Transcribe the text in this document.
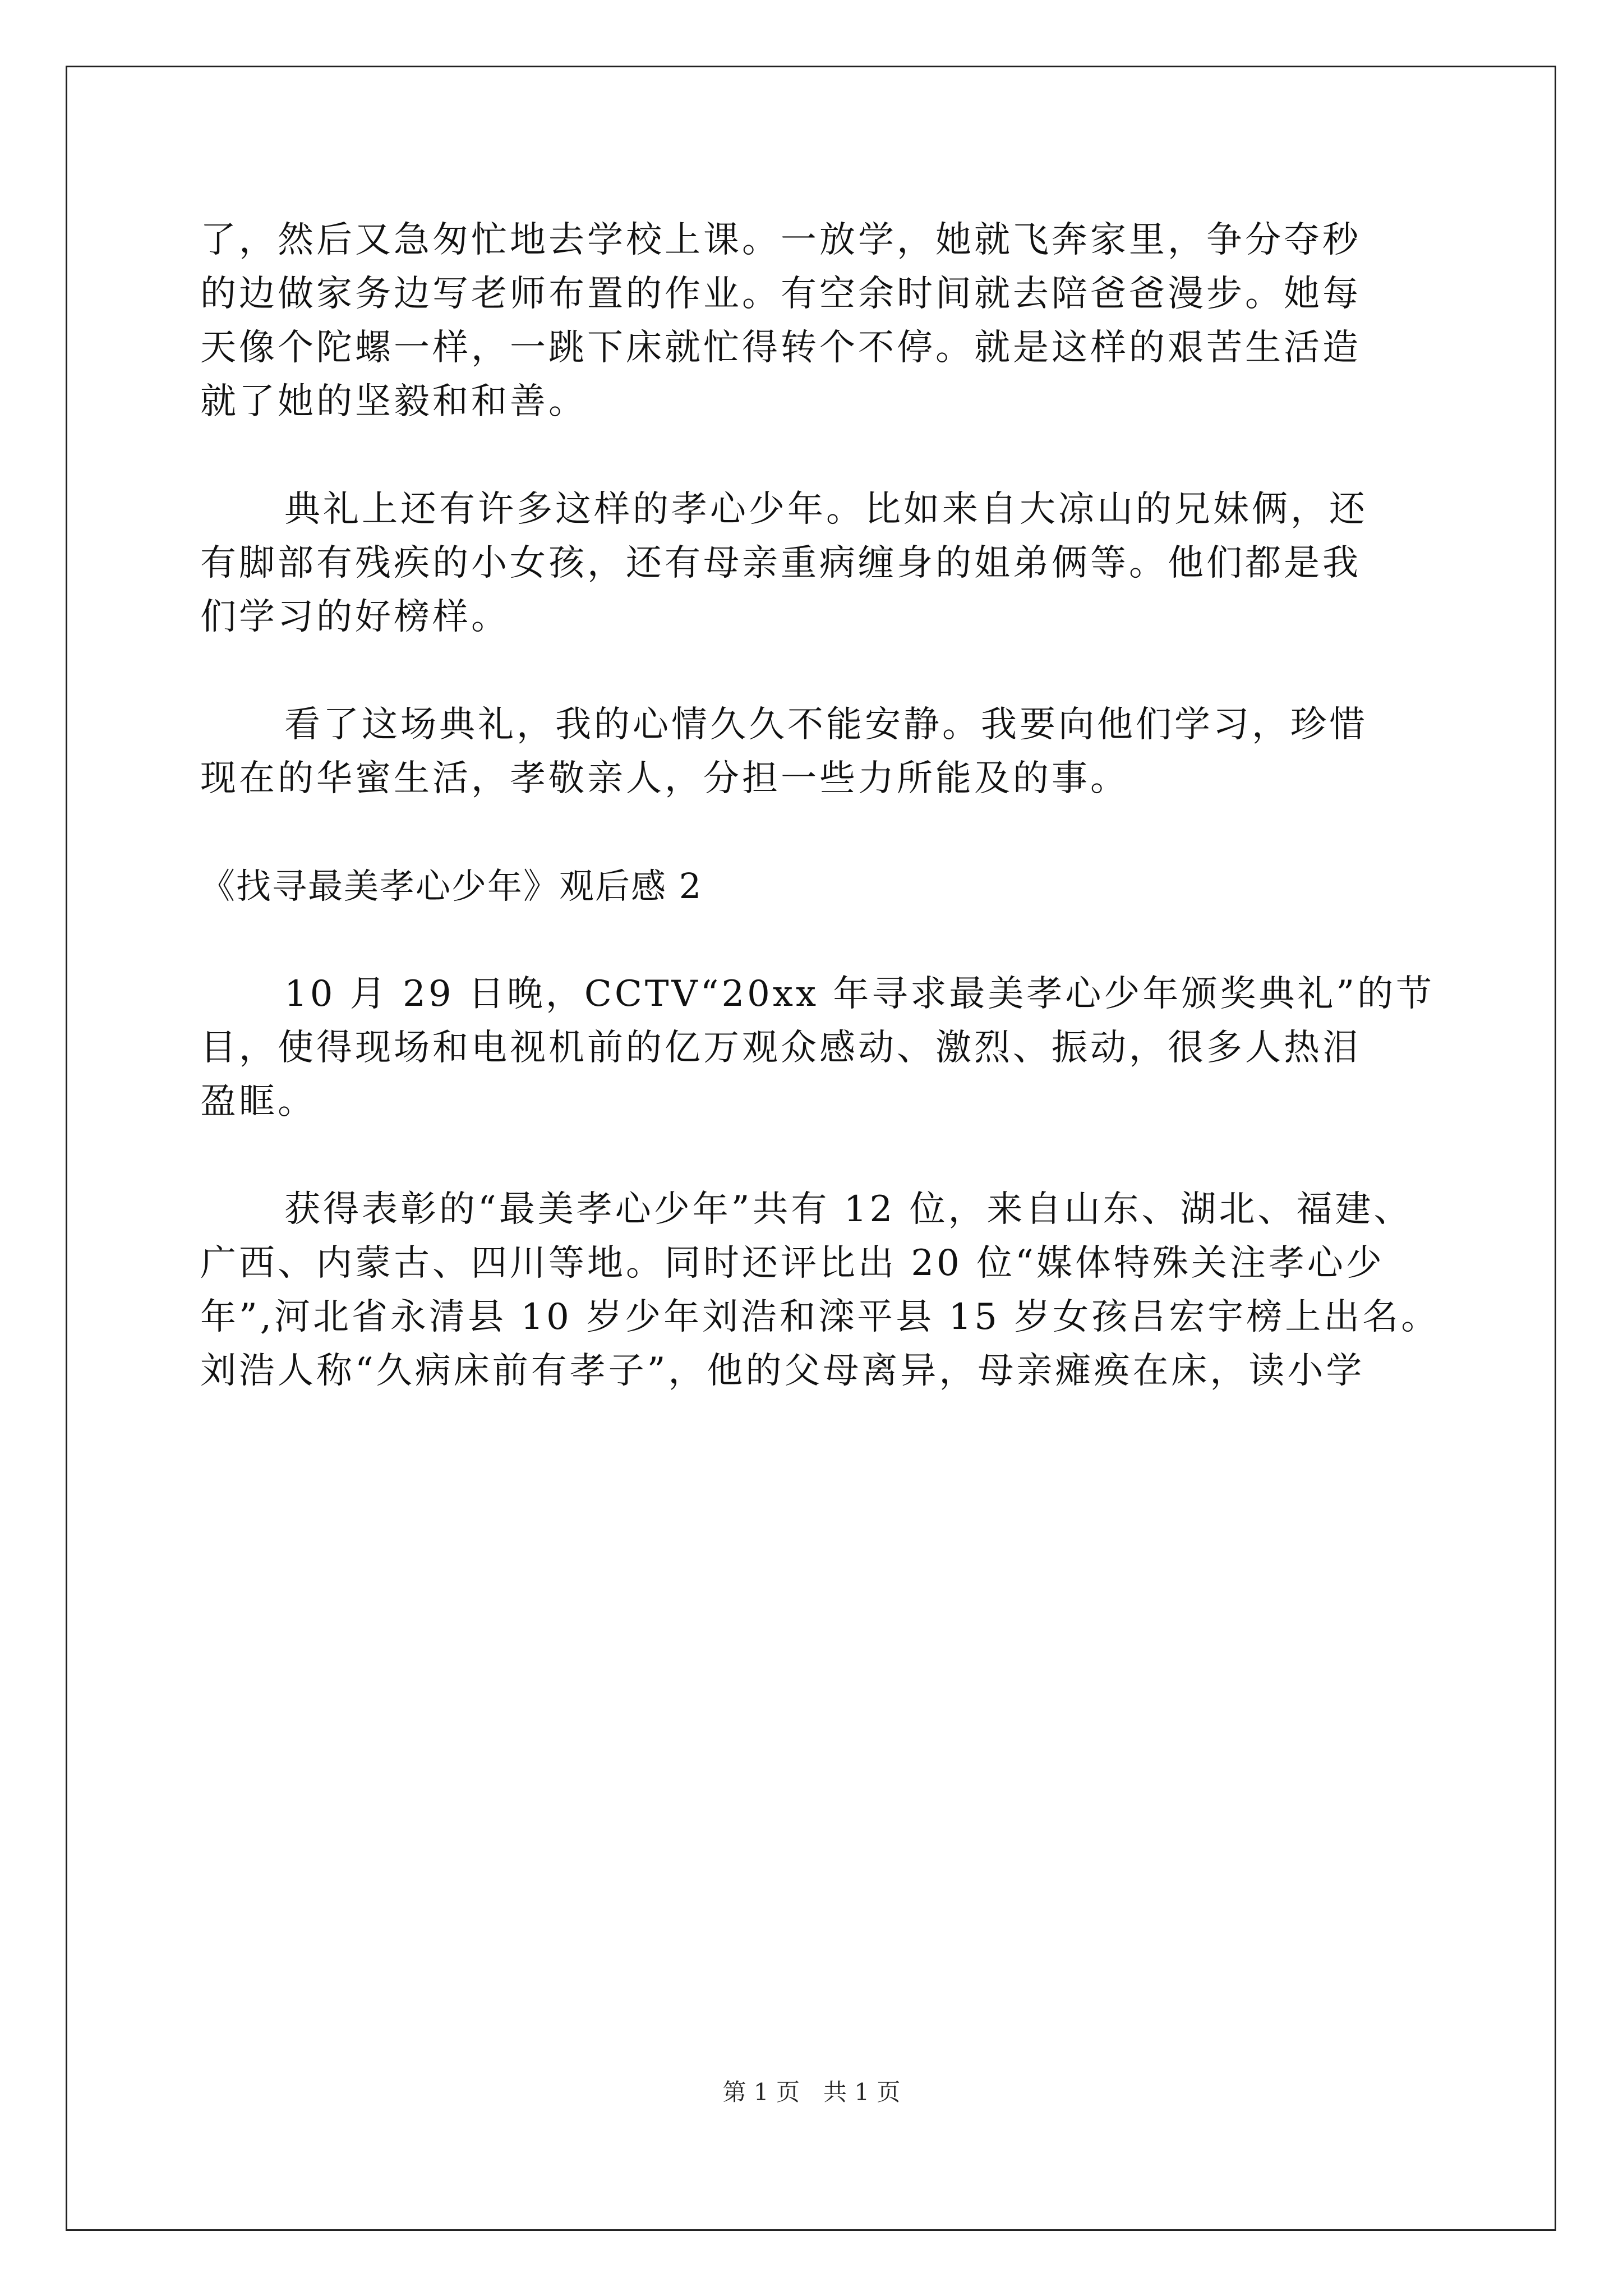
了，然后又急匆忙地去学校上课。一放学，她就飞奔家里，争分夺秒
的边做家务边写老师布置的作业。有空余时间就去陪爸爸漫步。她每
天像个陀螺一样，一跳下床就忙得转个不停。就是这样的艰苦生活造
就了她的坚毅和和善。
典礼上还有许多这样的孝心少年。比如来自大凉山的兄妹俩，还
有脚部有残疾的小女孩，还有母亲重病缠身的姐弟俩等。他们都是我
们学习的好榜样。
看了这场典礼，我的心情久久不能安静。我要向他们学习，珍惜
现在的华蜜生活，孝敬亲人，分担一些力所能及的事。
《找寻最美孝心少年》观后感 2
10 月 29 日晚，CCTV“20xx 年寻求最美孝心少年颁奖典礼”的节
目，使得现场和电视机前的亿万观众感动、激烈、振动，很多人热泪
盈眶。
获得表彰的“最美孝心少年”共有 12 位，来自山东、湖北、福建、
广西、内蒙古、四川等地。同时还评比出 20 位“媒体特殊关注孝心少
年”,河北省永清县 10 岁少年刘浩和滦平县 15 岁女孩吕宏宇榜上出名。
刘浩人称“久病床前有孝子”，他的父母离异，母亲瘫痪在床，读小学
第 1 页　共 1 页
